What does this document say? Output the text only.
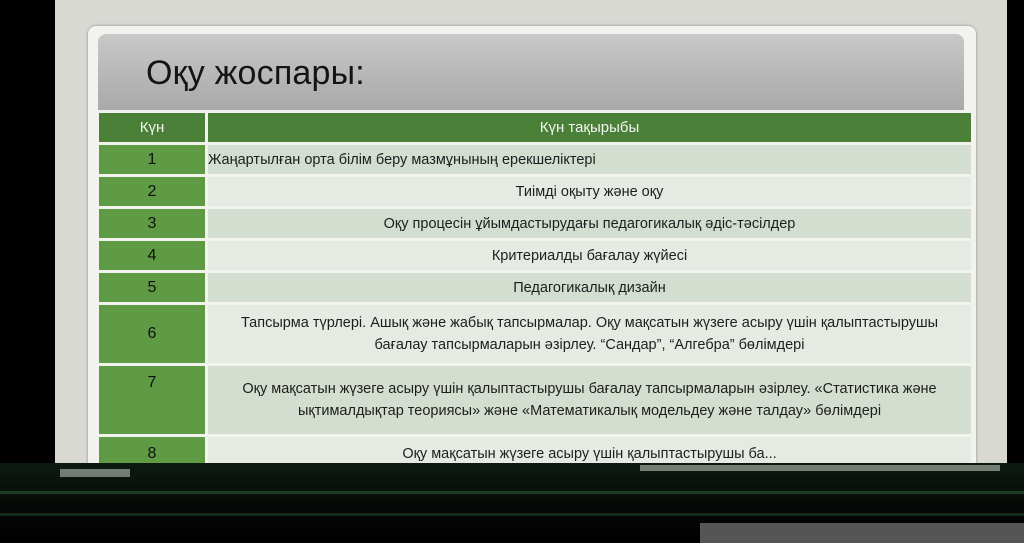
Оқу жоспары:
Күн	Күн тақырыбы
1	Жаңартылған орта білім беру мазмұнының ерекшеліктері
2	Тиімді оқыту және оқу
3	Оқу процесін ұйымдастырудағы педагогикалық әдіс-тәсілдер
4	Критериалды бағалау жүйесі
5	Педагогикалық дизайн
6	Тапсырма түрлері. Ашық және жабық тапсырмалар. Оқу мақсатын жүзеге асыру үшін қалыптастырушы бағалау тапсырмаларын әзірлеу. “Сандар”, “Алгебра” бөлімдері
7	Оқу мақсатын жүзеге асыру үшін қалыптастырушы бағалау тапсырмаларын әзірлеу. «Статистика және ықтималдықтар теориясы» және «Математикалық модельдеу және талдау» бөлімдері
8	Оқу мақсатын жүзеге асыру үшін қалыптастырушы ба...
